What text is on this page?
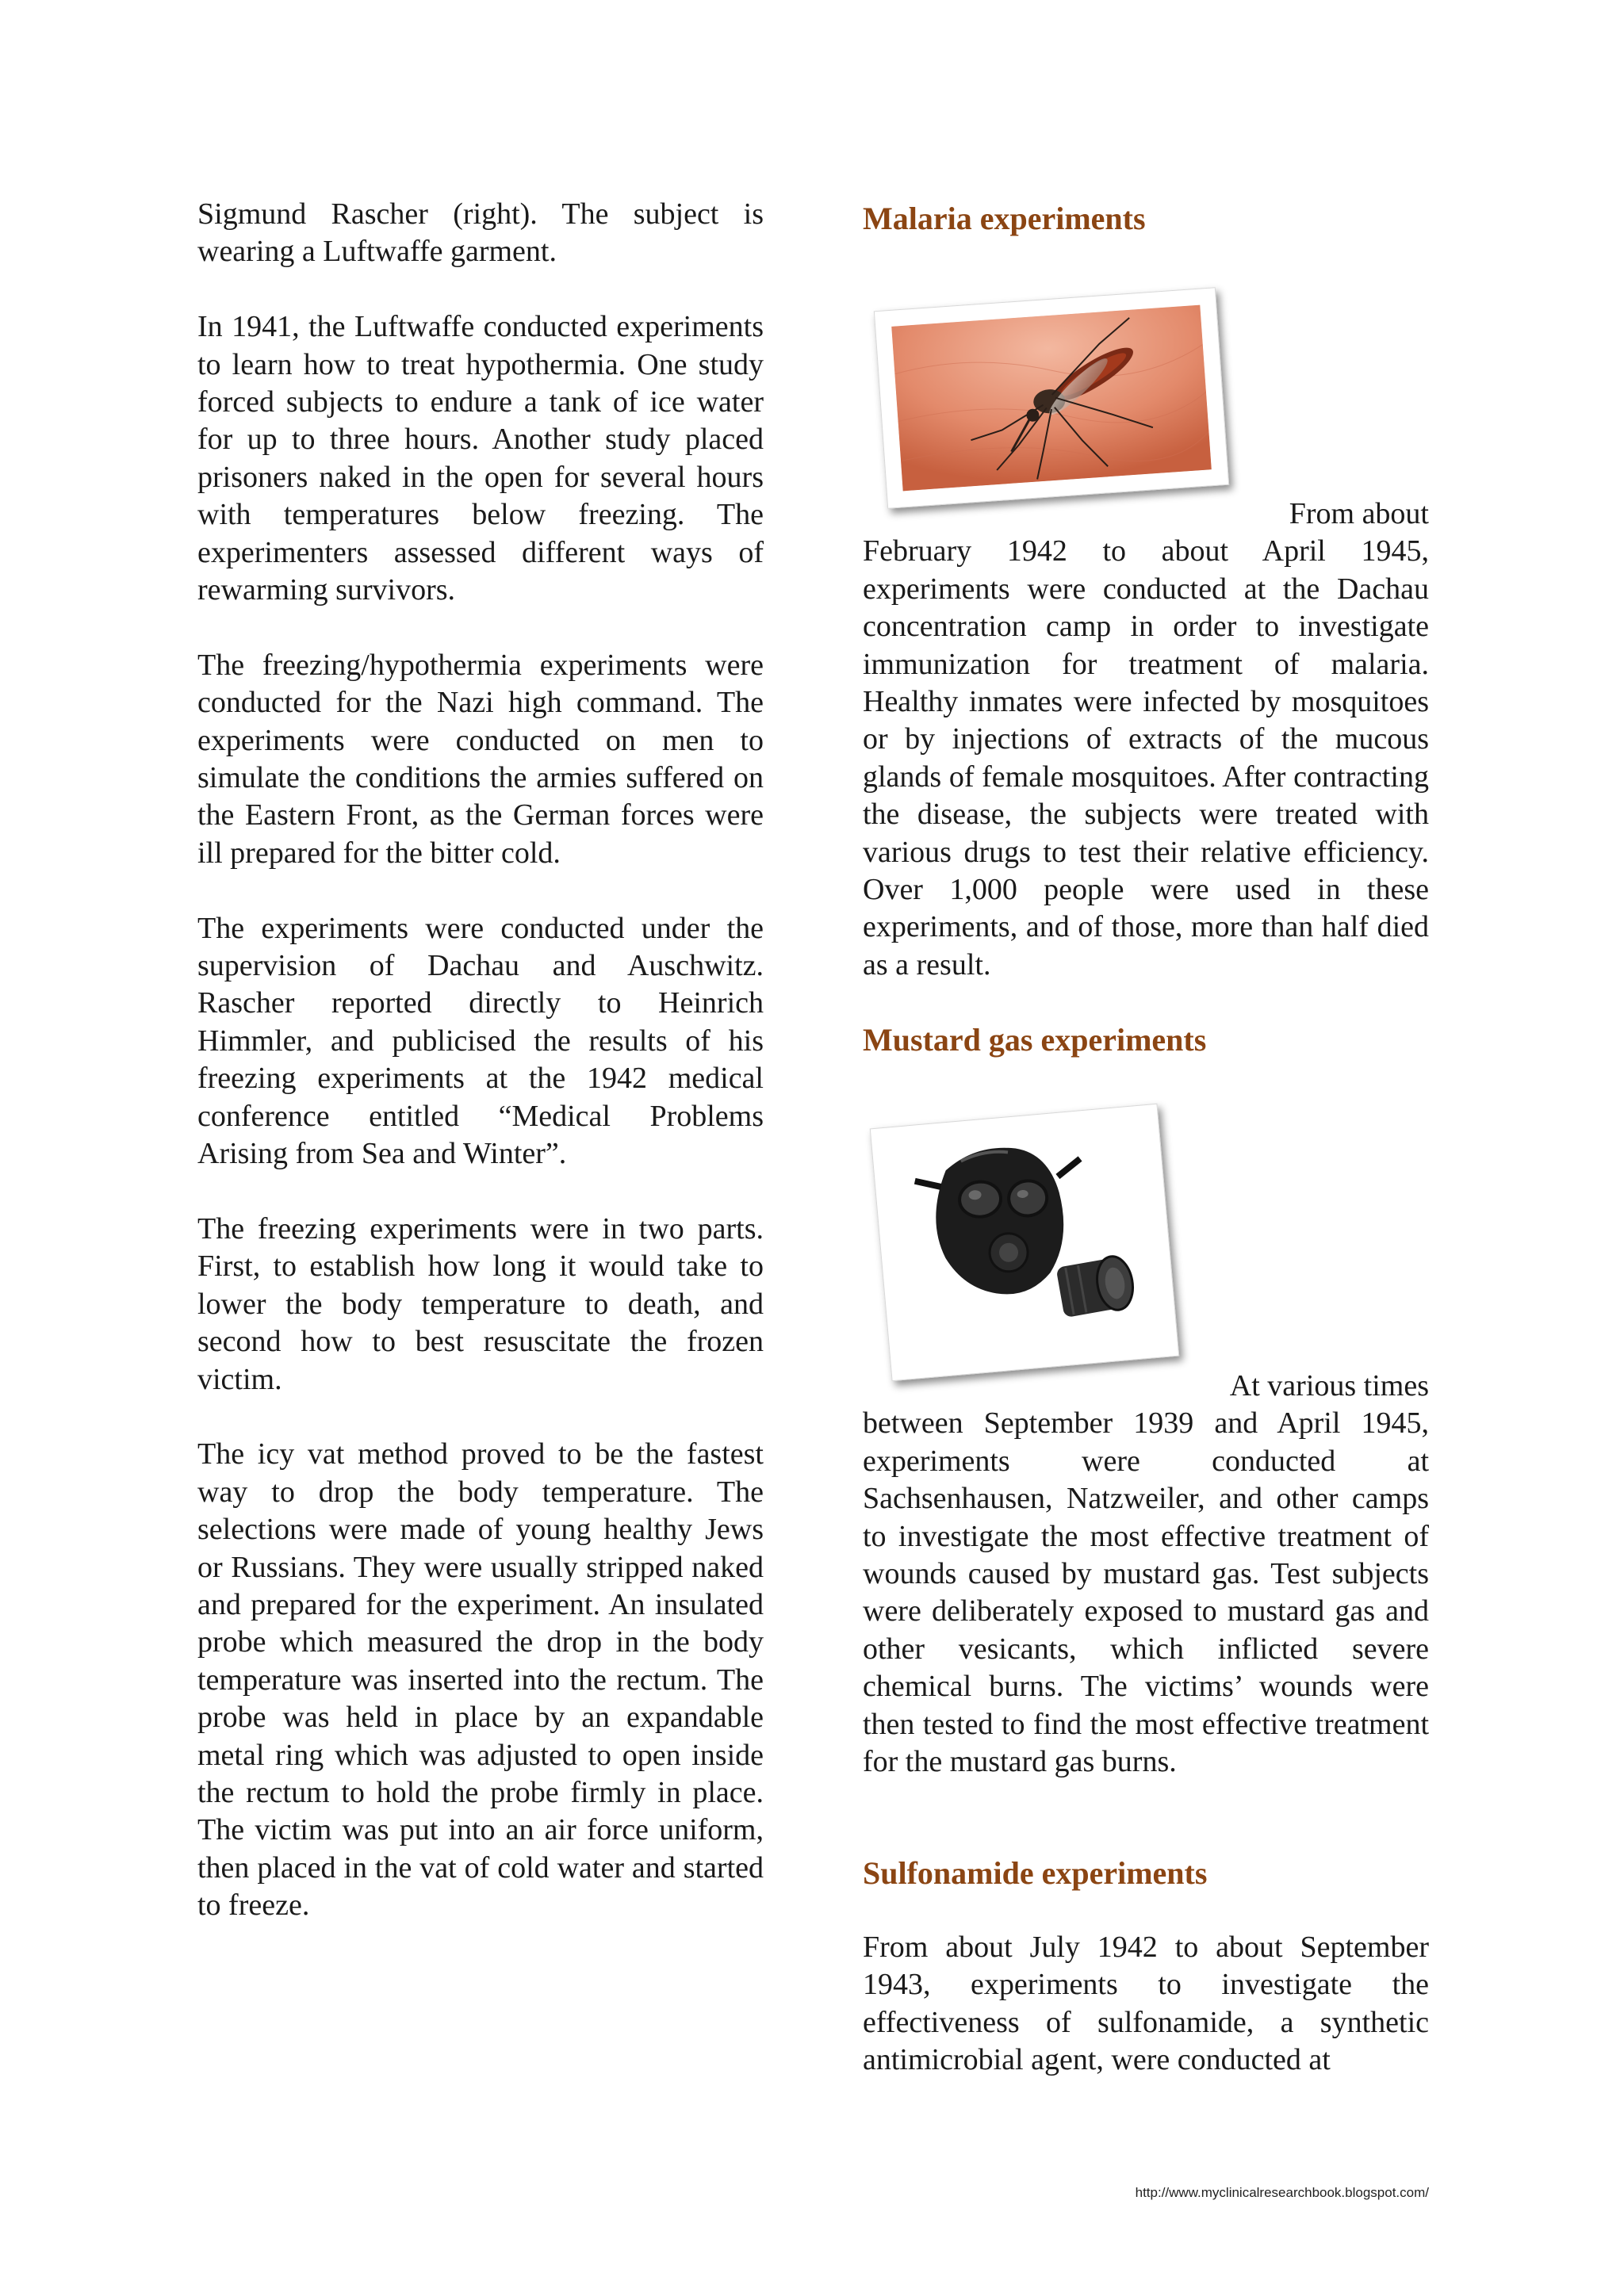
Sigmund Rascher (right). The subject is wearing a Luftwaffe garment.

In 1941, the Luftwaffe conducted experiments to learn how to treat hypothermia. One study forced subjects to endure a tank of ice water for up to three hours. Another study placed prisoners naked in the open for several hours with temperatures below freezing. The experimenters assessed different ways of rewarming survivors.

The freezing/hypothermia experiments were conducted for the Nazi high command. The experiments were conducted on men to simulate the conditions the armies suffered on the Eastern Front, as the German forces were ill prepared for the bitter cold.

The experiments were conducted under the supervision of Dachau and Auschwitz. Rascher reported directly to Heinrich Himmler, and publicised the results of his freezing experiments at the 1942 medical conference entitled “Medical Problems Arising from Sea and Winter”.

The freezing experiments were in two parts. First, to establish how long it would take to lower the body temperature to death, and second how to best resuscitate the frozen victim.

The icy vat method proved to be the fastest way to drop the body temperature. The selections were made of young healthy Jews or Russians. They were usually stripped naked and prepared for the experiment. An insulated probe which measured the drop in the body temperature was inserted into the rectum. The probe was held in place by an expandable metal ring which was adjusted to open inside the rectum to hold the probe firmly in place. The victim was put into an air force uniform, then placed in the vat of cold water and started to freeze.

Malaria experiments
From about
February 1942 to about April 1945, experiments were conducted at the Dachau concentration camp in order to investigate immunization for treatment of malaria. Healthy inmates were infected by mosquitoes or by injections of extracts of the mucous glands of female mosquitoes. After contracting the disease, the subjects were treated with various drugs to test their relative efficiency. Over 1,000 people were used in these experiments, and of those, more than half died as a result.
Mustard gas experiments
At various times
between September 1939 and April 1945, experiments were conducted at Sachsenhausen, Natzweiler, and other camps to investigate the most effective treatment of wounds caused by mustard gas. Test subjects were deliberately exposed to mustard gas and other vesicants, which inflicted severe chemical burns. The victims’ wounds were then tested to find the most effective treatment for the mustard gas burns.
Sulfonamide experiments
From about July 1942 to about September 1943, experiments to investigate the effectiveness of sulfonamide, a synthetic antimicrobial agent, were conducted at
http://www.myclinicalresearchbook.blogspot.com/
